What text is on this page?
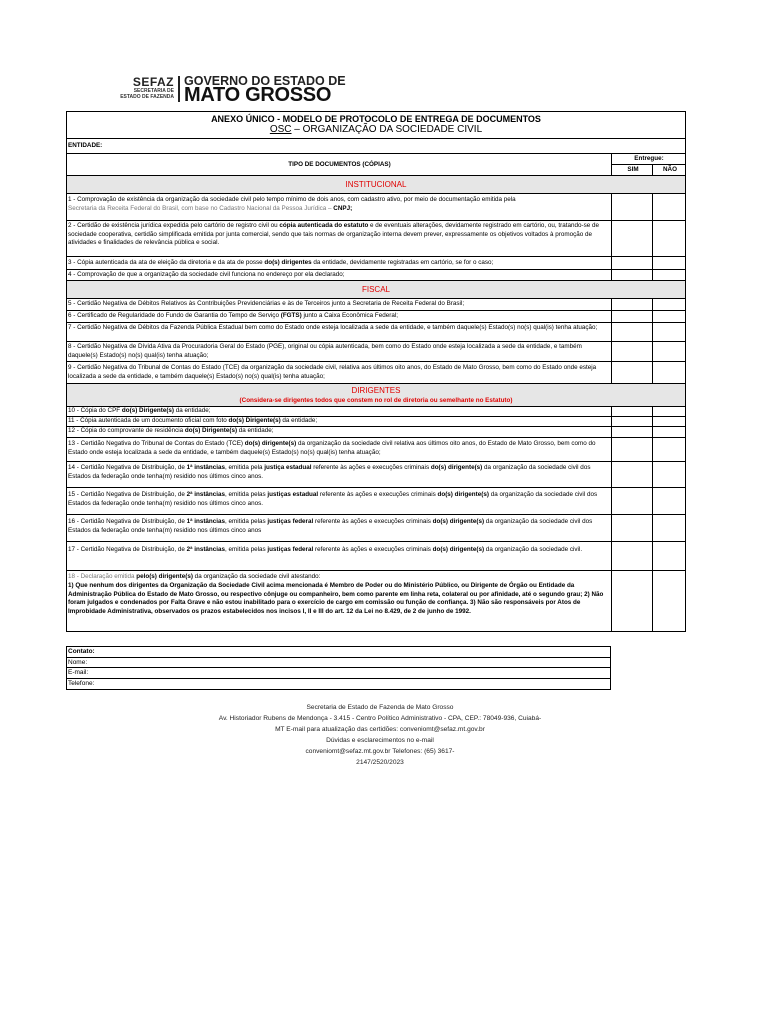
SEFAZ
SECRETARIA DE
ESTADO DE FAZENDA
GOVERNO DO ESTADO DE
MATO GROSSO
ANEXO ÚNICO - MODELO DE PROTOCOLO DE ENTREGA DE DOCUMENTOS
OSC – ORGANIZAÇÃO DA SOCIEDADE CIVIL
ENTIDADE:
TIPO DE DOCUMENTOS (CÓPIAS)
Entregue:
SIM	NÃO
INSTITUCIONAL
1 - Comprovação de existência da organização da sociedade civil pelo tempo mínimo de dois anos, com cadastro ativo, por meio de documentação emitida pela
Secretaria da Receita Federal do Brasil, com base no Cadastro Nacional da Pessoa Jurídica – CNPJ;
2 - Certidão de existência jurídica expedida pelo cartório de registro civil ou cópia autenticada do estatuto e de eventuais alterações, devidamente registrado em cartório, ou, tratando-se de sociedade cooperativa, certidão simplificada emitida por junta comercial, sendo que tais normas de organização interna devem prever, expressamente os objetivos voltados à promoção de atividades e finalidades de relevância pública e social.
3 - Cópia autenticada da ata de eleição da diretoria e da ata de posse do(s) dirigentes da entidade, devidamente registradas em cartório, se for o caso;
4 - Comprovação de que a organização da sociedade civil funciona no endereço por ela declarado;
FISCAL
5 - Certidão Negativa de Débitos Relativos às Contribuições Previdenciárias e às de Terceiros junto a Secretaria de Receita Federal do Brasil;
6 - Certificado de Regularidade do Fundo de Garantia do Tempo de Serviço (FGTS) junto a Caixa Econômica Federal;
7 - Certidão Negativa de Débitos da Fazenda Pública Estadual bem como do Estado onde esteja localizada a sede da entidade, e também daquele(s) Estado(s) no(s) qual(is) tenha atuação;
8 - Certidão Negativa de Dívida Ativa da Procuradoria Geral do Estado (PGE), original ou cópia autenticada, bem como do Estado onde esteja localizada a sede da entidade, e também daquele(s) Estado(s) no(s) qual(is) tenha atuação;
9 - Certidão Negativa do Tribunal de Contas do Estado (TCE) da organização da sociedade civil, relativa aos últimos oito anos, do Estado de Mato Grosso, bem como do Estado onde esteja localizada a sede da entidade, e também daquele(s) Estado(s) no(s) qual(is) tenha atuação;
DIRIGENTES
(Considera-se dirigentes todos que constem no rol de diretoria ou semelhante no Estatuto)
10 - Cópia do CPF do(s) Dirigente(s) da entidade;
11 - Cópia autenticada de um documento oficial com foto do(s) Dirigente(s) da entidade;
12 - Cópia do comprovante de residência do(s) Dirigente(s) da entidade;
13 - Certidão Negativa do Tribunal de Contas do Estado (TCE) do(s) dirigente(s) da organização da sociedade civil relativa aos últimos oito anos, do Estado de Mato Grosso, bem como do Estado onde esteja localizada a sede da entidade, e também daquele(s) Estado(s) no(s) qual(is) tenha atuação;
14 - Certidão Negativa de Distribuição, de 1ª instâncias, emitida pela justiça estadual referente às ações e execuções criminais do(s) dirigente(s) da organização da sociedade civil dos Estados da federação onde tenha(m) residido nos últimos cinco anos.
15 - Certidão Negativa de Distribuição, de 2ª instâncias, emitida pelas justiças estadual referente às ações e execuções criminais do(s) dirigente(s) da organização da sociedade civil dos Estados da federação onde tenha(m) residido nos últimos cinco anos.
16 - Certidão Negativa de Distribuição, de 1ª instâncias, emitida pelas justiças federal referente às ações e execuções criminais do(s) dirigente(s) da organização da sociedade civil dos Estados da federação onde tenha(m) residido nos últimos cinco anos
17 - Certidão Negativa de Distribuição, de 2ª instâncias, emitida pelas justiças federal referente às ações e execuções criminais do(s) dirigente(s) da organização da sociedade civil.
18 - Declaração emitida pelo(s) dirigente(s) da organização da sociedade civil atestando:
1) Que nenhum dos dirigentes da Organização da Sociedade Civil acima mencionada é Membro de Poder ou do Ministério Público, ou Dirigente de Órgão ou Entidade da Administração Pública do Estado de Mato Grosso, ou respectivo cônjuge ou companheiro, bem como parente em linha reta, colateral ou por afinidade, até o segundo grau; 2) Não foram julgados e condenados por Falta Grave e não estou inabilitado para o exercício de cargo em comissão ou função de confiança. 3) Não são responsáveis por Atos de Improbidade Administrativa, observados os prazos estabelecidos nos incisos I, II e III do art. 12 da Lei no 8.429, de 2 de junho de 1992.
Contato:
Nome:
E-mail:
Telefone:
Secretaria de Estado de Fazenda de Mato Grosso
Av. Historiador Rubens de Mendonça - 3.415 - Centro Político Administrativo - CPA, CEP.: 78049-936, Cuiabá-
MT E-mail para atualização das certidões: conveniomt@sefaz.mt.gov.br
Dúvidas e esclarecimentos no e-mail
conveniomt@sefaz.mt.gov.br Telefones: (65) 3617-
2147/2520/2023
